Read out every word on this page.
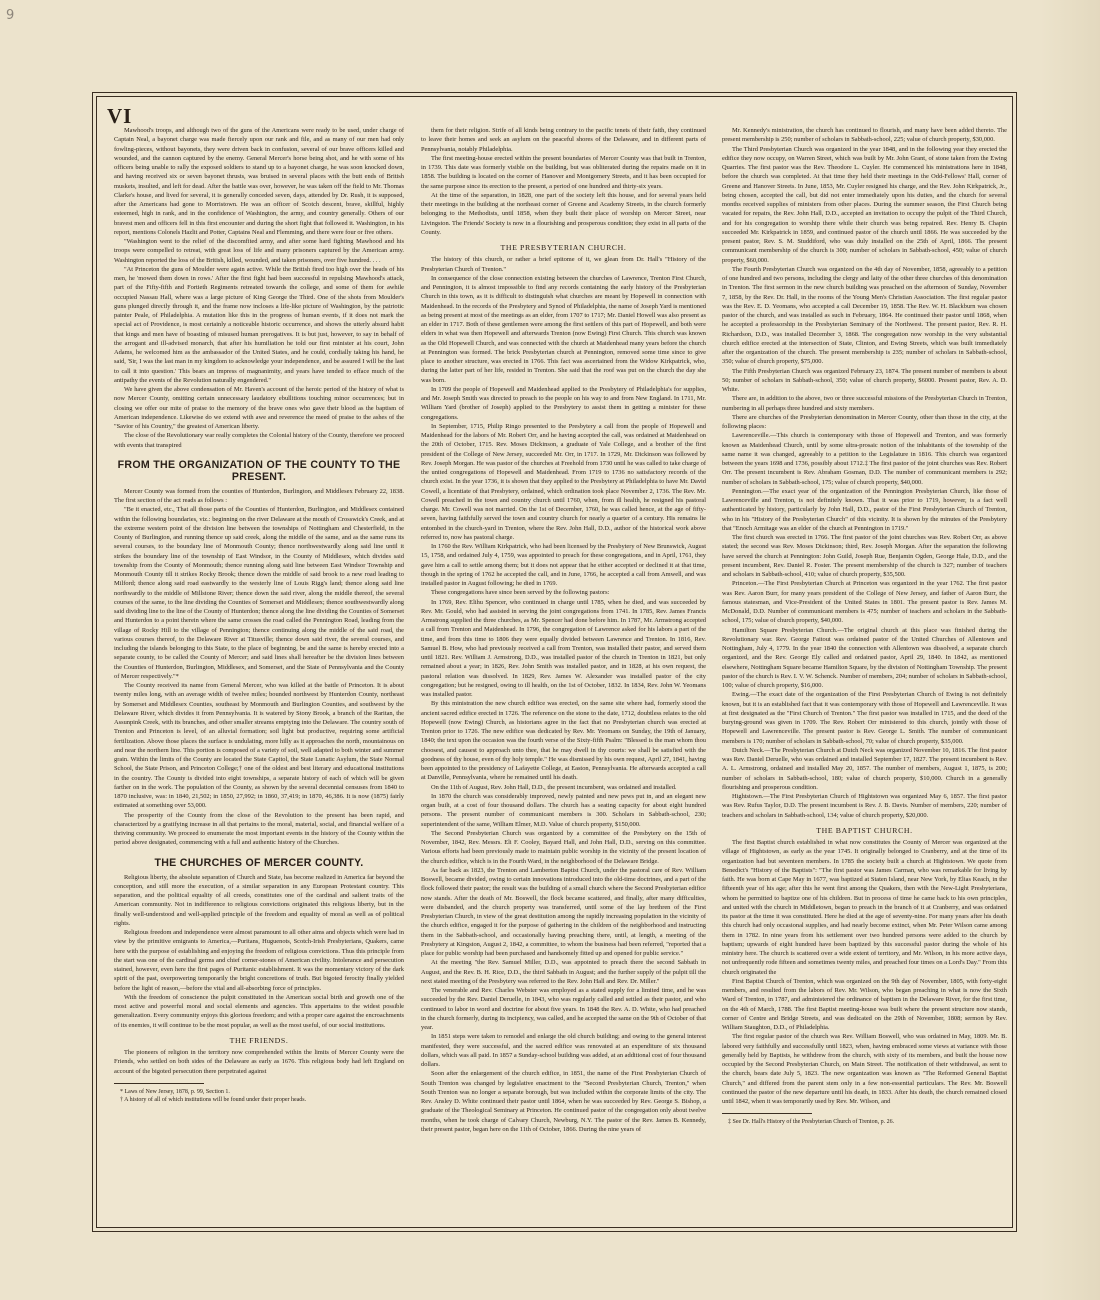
9
VI

Mawhood's troops, and although two of the guns of the Americans were ready to be used, under charge of Captain Neal, a bayonet charge was made fiercely upon our rank and file, and as many of our men had only fowling-pieces, without bayonets, they were driven back in confusion, several of our brave officers killed and wounded, and the cannon captured by the enemy. General Mercer's horse being shot, and he with some of his officers being unable to rally the exposed soldiers to stand up to a bayonet charge, he was soon knocked down, and having received six or seven bayonet thrusts, was bruised in several places with the butt ends of British muskets, insulted, and left for dead. After the battle was over, however, he was taken off the field to Mr. Thomas Clarke's house, and lived for several, it is generally conceded seven, days, attended by Dr. Rush, it is supposed, after the Americans had gone to Morristown. He was an officer of Scotch descent, brave, skillful, highly esteemed, high in rank, and in the confidence of Washington, the army, and country generally. Others of our bravest men and officers fell in this first encounter and during the short fight that followed it. Washington, in his report, mentions Colonels Hazlit and Potter, Captains Neal and Flemming, and there were four or five others.

"Washington went to the relief of the discomfited army, and after some hard fighting Mawhood and his troops were compelled to retreat, with great loss of life and many prisoners captured by the American army. Washington reported the loss of the British, killed, wounded, and taken prisoners, over five hundred. . . .

"At Princeton the guns of Moulder were again active. While the British fired too high over the heads of his men, he 'mowed them down in rows.' After the first fight had been successful in repulsing Mawhood's attack, part of the Fifty-fifth and Fortieth Regiments retreated towards the college, and some of them for awhile occupied Nassau Hall, where was a large picture of King George the Third. One of the shots from Moulder's guns plunged directly through it, and the frame now incloses a life-like picture of Washington, by the patriotic painter Peale, of Philadelphia. A mutation like this in the progress of human events, if it does not mark the special act of Providence, is most certainly a noticeable historic occurrence, and shows the utterly absurd habit that kings and men have of boasting of misused human prerogatives. It is but just, however, to say in behalf of the arrogant and ill-advised monarch, that after his humiliation he told our first minister at his court, John Adams, he welcomed him as the ambassador of the United States, and he could, cordially taking his hand, he said, 'Sir, I was the last man in my kingdom to acknowledge your independence, and be assured I will be the last to call it into question.' This bears an impress of magnanimity, and years have tended to efface much of the antipathy the events of the Revolution naturally engendered."

We have given the above condensation of Mr. Haven's account of the heroic period of the history of what is now Mercer County, omitting certain unnecessary laudatory ebullitions touching minor occurrences; but in closing we offer our mite of praise to the memory of the brave ones who gave their blood as the baptism of American independence. Likewise do we extend with awe and reverence the meed of praise to the ashes of the "Savior of his Country," the greatest of American liberty.

The close of the Revolutionary war really completes the Colonial history of the County, therefore we proceed with events that transpired

FROM THE ORGANIZATION OF THE COUNTY TO THE PRESENT.

Mercer County was formed from the counties of Hunterdon, Burlington, and Middlesex February 22, 1838. The first section of the act reads as follows :

"Be it enacted, etc., That all those parts of the Counties of Hunterdon, Burlington, and Middlesex contained within the following boundaries, viz.: beginning on the river Delaware at the mouth of Crosswick's Creek, and at the extreme western point of the division line between the townships of Nottingham and Chesterfield, in the County of Burlington, and running thence up said creek, along the middle of the same, and as the same runs its several courses, to the boundary line of Monmouth County; thence northwestwardly along said line until it strikes the boundary line of the township of East Windsor, in the County of Middlesex, which divides said township from the County of Monmouth; thence running along said line between East Windsor Township and Monmouth County till it strikes Rocky Brook; thence down the middle of said brook to a new road leading to Milford; thence along said road eastwardly to the westerly line of Louis Rigg's land; thence along said line northwardly to the middle of Millstone River; thence down the said river, along the middle thereof, the several courses of the same, to the line dividing the Counties of Somerset and Middlesex; thence southwestwardly along said dividing line to the line of the County of Hunterdon; thence along the line dividing the Counties of Somerset and Hunterdon to a point therein where the same crosses the road called the Pennington Road, leading from the village of Rocky Hill to the village of Pennington; thence continuing along the middle of the said road, the various courses thereof, to the Delaware River at Titusville; thence down said river, the several courses, and including the islands belonging to this State, to the place of beginning, be and the same is hereby erected into a separate county, to be called the County of Mercer; and said lines shall hereafter be the division lines between the Counties of Hunterdon, Burlington, Middlesex, and Somerset, and the State of Pennsylvania and the County of Mercer respectively."*

The County received its name from General Mercer, who was killed at the battle of Princeton. It is about twenty miles long, with an average width of twelve miles; bounded northwest by Hunterdon County, northeast by Somerset and Middlesex Counties, southeast by Monmouth and Burlington Counties, and southwest by the Delaware River, which divides it from Pennsylvania. It is watered by Stony Brook, a branch of the Raritan, the Assunpink Creek, with its branches, and other smaller streams emptying into the Delaware. The country south of Trenton and Princeton is level, of an alluvial formation; soil light but productive, requiring some artificial fertilization. Above those places the surface is undulating, more hilly as it approaches the north, mountainous on and near the northern line. This portion is composed of a variety of soil, well adapted to both winter and summer grain. Within the limits of the County are located the State Capitol, the State Lunatic Asylum, the State Normal School, the State Prison, and Princeton College;† one of the oldest and best literary and educational institutions in the country. The County is divided into eight townships, a separate history of each of which will be given farther on in the work. The population of the County, as shown by the several decennial censuses from 1840 to 1870 inclusive, was: in 1840, 21,502; in 1850, 27,992; in 1860, 37,419; in 1870, 46,386. It is now (1875) fairly estimated at something over 53,000.

The prosperity of the County from the close of the Revolution to the present has been rapid, and characterized by a gratifying increase in all that pertains to the moral, material, social, and financial welfare of a thriving community. We proceed to enumerate the most important events in the history of the County within the period above designated, commencing with a full and authentic history of the Churches.

THE CHURCHES OF MERCER COUNTY.

Religious liberty, the absolute separation of Church and State, has become realized in America far beyond the conception, and still more the execution, of a similar separation in any European Protestant country. This separation, and the political equality of all creeds, constitutes one of the cardinal and salient traits of the American community. Not in indifference to religious convictions originated this religious liberty, but in the finally well-understood and well-applied principle of the freedom and equality of moral as well as of political rights.

Religious freedom and independence were almost paramount to all other aims and objects which were had in view by the primitive emigrants to America,—Puritans, Huguenots, Scotch-Irish Presbyterians, Quakers, came here with the purpose of establishing and enjoying the freedom of religious convictions. Thus this principle from the start was one of the cardinal germs and chief corner-stones of American civility. Intolerance and persecution stained, however, even here the first pages of Puritanic establishment. It was the momentary victory of the dark spirit of the past, overpowering temporarily the bright concretions of truth. But bigoted ferocity finally yielded before the light of reason,—before the vital and all-absorbing force of principles.

With the freedom of conscience the pulpit constituted in the American social birth and growth one of the most active and powerful moral and social elements and agencies. This appertains to the widest possible generalization. Every community enjoys this glorious freedom; and with a proper care against the encroachments of its enemies, it will continue to be the most popular, as well as the most useful, of our social institutions.

THE FRIENDS.

The pioneers of religion in the territory now comprehended within the limits of Mercer County were the Friends, who settled on both sides of the Delaware as early as 1676. This religious body had left England on account of the bigoted persecution there perpetrated against

* Laws of New Jersey, 1878, p. 99, Section 1.

† A history of all of which institutions will be found under their proper heads.

them for their religion. Strife of all kinds being contrary to the pacific tenets of their faith, they continued to leave their homes and seek an asylum on the peaceful shores of the Delaware, and in different parts of Pennsylvania, notably Philadelphia.

The first meeting-house erected within the present boundaries of Mercer County was that built in Trenton, in 1739. This date was formerly visible on the building, but was obliterated during the repairs made on it in 1858. The building is located on the corner of Hanover and Montgomery Streets, and it has been occupied for the same purpose since its erection to the present, a period of one hundred and thirty-six years.

At the time of the separation, in 1828, one part of the society left this house, and for several years held their meetings in the building at the northeast corner of Greene and Academy Streets, in the church formerly belonging to the Methodists, until 1858, when they built their place of worship on Mercer Street, near Livingston. The Friends' Society is now in a flourishing and prosperous condition; they exist in all parts of the County.

THE PRESBYTERIAN CHURCH.

The history of this church, or rather a brief epitome of it, we glean from Dr. Hall's "History of the Presbyterian Church of Trenton."

In consequence of the close connection existing between the churches of Lawrence, Trenton First Church, and Pennington, it is almost impossible to find any records containing the early history of the Presbyterian Church in this town, as it is difficult to distinguish what churches are meant by Hopewell in connection with Maidenhead. In the records of the Presbytery and Synod of Philadelphia, the name of Joseph Yard is mentioned as being present at most of the meetings as an elder, from 1707 to 1717; Mr. Daniel Howell was also present as an elder in 1717. Both of these gentlemen were among the first settlers of this part of Hopewell, and both were elders in what was then Hopewell and afterwards Trenton (now Ewing) First Church. This church was known as the Old Hopewell Church, and was connected with the church at Maidenhead many years before the church at Pennington was formed. The brick Presbyterian church at Pennington, removed some time since to give place to another structure, was erected in 1766. This fact was ascertained from the Widow Kirkpatrick, who, during the latter part of her life, resided in Trenton. She said that the roof was put on the church the day she was born.

In 1709 the people of Hopewell and Maidenhead applied to the Presbytery of Philadelphia's for supplies, and Mr. Joseph Smith was directed to preach to the people on his way to and from New England. In 1711, Mr. William Yard (brother of Joseph) applied to the Presbytery to assist them in getting a minister for these congregations.

In September, 1715, Philip Ringo presented to the Presbytery a call from the people of Hopewell and Maidenhead for the labors of Mr. Robert Orr, and he having accepted the call, was ordained at Maidenhead on the 20th of October, 1715. Rev. Moses Dickinson, a graduate of Yale College, and a brother of the first president of the College of New Jersey, succeeded Mr. Orr, in 1717. In 1729, Mr. Dickinson was followed by Rev. Joseph Morgan. He was pastor of the churches at Freehold from 1730 until he was called to take charge of the united congregations of Hopewell and Maidenhead. From 1719 to 1736 no satisfactory records of the church exist. In the year 1736, it is shown that they applied to the Presbytery at Philadelphia to have Mr. David Cowell, a licentiate of that Presbytery, ordained, which ordination took place November 2, 1736. The Rev. Mr. Cowell preached in the town and country church until 1760, when, from ill health, he resigned his pastoral charge. Mr. Cowell was not married. On the 1st of December, 1760, he was called hence, at the age of fifty-seven, having faithfully served the town and country church for nearly a quarter of a century. His remains lie entombed in the church-yard in Trenton, where the Rev. John Hall, D.D., author of the historical work above referred to, now has pastoral charge.

In 1760 the Rev. William Kirkpatrick, who had been licensed by the Presbytery of New Brunswick, August 15, 1758, and ordained July 4, 1759, was appointed to preach for these congregations, and in April, 1761, they gave him a call to settle among them; but it does not appear that he either accepted or declined it at that time, though in the spring of 1762 he accepted the call, and in June, 1766, he accepted a call from Amwell, and was installed pastor in August following; he died in 1769.

These congregations have since been served by the following pastors:

In 1769, Rev. Elihu Spencer, who continued in charge until 1785, when he died, and was succeeded by Rev. Mr. Gould, who had assisted in serving the joint congregations from 1741. In 1785, Rev. James Francis Armstrong supplied the three churches, as Mr. Spencer had done before him. In 1787, Mr. Armstrong accepted a call from Trenton and Maidenhead. In 1796, the congregation of Lawrence asked for his labors a part of the time, and from this time to 1806 they were equally divided between Lawrence and Trenton. In 1816, Rev. Samuel B. How, who had previously received a call from Trenton, was installed their pastor, and served them until 1821. Rev. William J. Armstrong, D.D., was installed pastor of the church in Trenton in 1821, but only remained about a year; in 1826, Rev. John Smith was installed pastor, and in 1828, at his own request, the pastoral relation was dissolved. In 1829, Rev. James W. Alexander was installed pastor of the city congregation; but he resigned, owing to ill health, on the 1st of October, 1832. In 1834, Rev. John W. Yeomans was installed pastor.

By this ministration the new church edifice was erected, on the same site where had, formerly stood the ancient sacred edifice erected in 1726. The reference on the stone to the date, 1712, doubtless relates to the old Hopewell (now Ewing) Church, as historians agree in the fact that no Presbyterian church was erected at Trenton prior to 1726. The new edifice was dedicated by Rev. Mr. Yeomans on Sunday, the 19th of January, 1840; the text upon the occasion was the fourth verse of the Sixty-fifth Psalm: "Blessed is the man whom thou choosest, and causest to approach unto thee, that he may dwell in thy courts: we shall be satisfied with the goodness of thy house, even of thy holy temple." He was dismissed by his own request, April 27, 1841, having been appointed to the presidency of Lafayette College, at Easton, Pennsylvania. He afterwards accepted a call at Danville, Pennsylvania, where he remained until his death.

On the 11th of August, Rev. John Hall, D.D., the present incumbent, was ordained and installed.

In 1870 the church was considerably improved, newly painted and new pews put in, and an elegant new organ built, at a cost of four thousand dollars. The church has a seating capacity for about eight hundred persons. The present number of communicant members is 300. Scholars in Sabbath-school, 230; superintendent of the same, William Elmer, M.D. Value of church property, $150,000.

The Second Presbyterian Church was organized by a committee of the Presbytery on the 15th of November, 1842, Rev. Messrs. Eli F. Cooley, Bayard Hall, and John Hall, D.D., serving on this committee. Various efforts had been previously made to maintain public worship in the vicinity of the present location of the church edifice, which is in the Fourth Ward, in the neighborhood of the Delaware Bridge.

As far back as 1823, the Trenton and Lamberton Baptist Church, under the pastoral care of Rev. William Boswell, became divided, owing to certain innovations introduced into the old-time doctrines, and a part of the flock followed their pastor; the result was the building of a small church where the Second Presbyterian edifice now stands. After the death of Mr. Boswell, the flock became scattered, and finally, after many difficulties, were disbanded, and the church property was transferred, until some of the lay brethren of the First Presbyterian Church, in view of the great destitution among the rapidly increasing population in the vicinity of the church edifice, engaged it for the purpose of gathering in the children of the neighborhood and instructing them in the Sabbath-school, and occasionally having preaching there, until, at length, a meeting of the Presbytery at Kingston, August 2, 1842, a committee, to whom the business had been referred, "reported that a place for public worship had been purchased and handsomely fitted up and opened for public service."

At the meeting "the Rev. Samuel Miller, D.D., was appointed to preach there the second Sabbath in August, and the Rev. B. H. Rice, D.D., the third Sabbath in August; and the further supply of the pulpit till the next stated meeting of the Presbytery was referred to the Rev. John Hall and Rev. Dr. Miller."

The venerable and Rev. Charles Webster was employed as a stated supply for a limited time, and he was succeeded by the Rev. Daniel Deruelle, in 1843, who was regularly called and settled as their pastor, and who continued to labor in word and doctrine for about five years. In 1848 the Rev. A. D. White, who had preached in the church formerly, during its incipiency, was called, and he accepted the same on the 9th of October of that year.

In 1851 steps were taken to remodel and enlarge the old church building; and owing to the general interest manifested, they were successful, and the sacred edifice was renovated at an expenditure of six thousand dollars, which was all paid. In 1857 a Sunday-school building was added, at an additional cost of four thousand dollars.

Soon after the enlargement of the church edifice, in 1851, the name of the First Presbyterian Church of South Trenton was changed by legislative enactment to the "Second Presbyterian Church, Trenton," when South Trenton was no longer a separate borough, but was included within the corporate limits of the city. The Rev. Ansley D. White continued their pastor until 1864, when he was succeeded by Rev. George S. Bishop, a graduate of the Theological Seminary at Princeton. He continued pastor of the congregation only about twelve months, when he took charge of Calvary Church, Newburg, N.Y. The pastor of the Rev. James B. Kennedy, their present pastor, began here on the 11th of October, 1866. During the nine years of

Mr. Kennedy's ministration, the church has continued to flourish, and many have been added thereto. The present membership is 250; number of scholars in Sabbath-school, 225; value of church property, $30,000.

The Third Presbyterian Church was organized in the year 1848, and in the following year they erected the edifice they now occupy, on Warren Street, which was built by Mr. John Grant, of stone taken from the Ewing Quarries. The first pastor was the Rev. Theodore L. Cuyler. He commenced his ministrations here in 1848, before the church was completed. At that time they held their meetings in the Odd-Fellows' Hall, corner of Greene and Hanover Streets. In June, 1853, Mr. Cuyler resigned his charge, and the Rev. John Kirkpatrick, Jr., being chosen, accepted the call, but did not enter immediately upon his duties, and the church for several months received supplies of ministers from other places. During the summer season, the First Church being vacated for repairs, the Rev. John Hall, D.D., accepted an invitation to occupy the pulpit of the Third Church, and for his congregation to worship there while their church was being repaired. Rev. Henry B. Chapin succeeded Mr. Kirkpatrick in 1859, and continued pastor of the church until 1866. He was succeeded by the present pastor, Rev. S. M. Studdiford, who was duly installed on the 25th of April, 1866. The present communicant membership of the church is 300; number of scholars in Sabbath-school, 450; value of church property, $60,000.

The Fourth Presbyterian Church was organized on the 4th day of November, 1858, agreeably to a petition of one hundred and two persons, including the clergy and laity of the other three churches of this denomination in Trenton. The first sermon in the new church building was preached on the afternoon of Sunday, November 7, 1858, by the Rev. Dr. Hall, in the rooms of the Young Men's Christian Association. The first regular pastor was the Rev. E. D. Yeomans, who accepted a call December 19, 1858. The Rev. W. H. Blackburn was chosen pastor of the church, and was installed as such in February, 1864. He continued their pastor until 1868, when he accepted a professorship in the Presbyterian Seminary of the Northwest. The present pastor, Rev. R. H. Richardson, D.D., was installed December 3, 1868. The congregation now worship in the very substantial church edifice erected at the intersection of State, Clinton, and Ewing Streets, which was built immediately after the organization of the church. The present membership is 235; number of scholars in Sabbath-school, 350; value of church property, $75,000.

The Fifth Presbyterian Church was organized February 23, 1874. The present number of members is about 50; number of scholars in Sabbath-school, 350; value of church property, $6000. Present pastor, Rev. A. D. White.

There are, in addition to the above, two or three successful missions of the Presbyterian Church in Trenton, numbering in all perhaps three hundred and sixty members.

There are churches of the Presbyterian denomination in Mercer County, other than those in the city, at the following places:

Lawrenceville.—This church is contemporary with those of Hopewell and Trenton, and was formerly known as Maidenhead Church, until by some ultra-prosaic notion of the inhabitants of the township of the same name it was changed, agreeably to a petition to the Legislature in 1816. This church was organized between the years 1698 and 1736, possibly about 1712.‡ The first pastor of the joint churches was Rev. Robert Orr. The present incumbent is Rev. Abraham Gosman, D.D. The number of communicant members is 292; number of scholars in Sabbath-school, 175; value of church property, $40,000.

Pennington.—The exact year of the organization of the Pennington Presbyterian Church, like those of Lawrenceville and Trenton, is not definitely known. That it was prior to 1719, however, is a fact well authenticated by history, particularly by John Hall, D.D., pastor of the First Presbyterian Church of Trenton, who in his "History of the Presbyterian Church" of this vicinity. It is shown by the minutes of the Presbytery that "Enoch Armitage was an elder of the church at Pennington in 1719."

The first church was erected in 1766. The first pastor of the joint churches was Rev. Robert Orr, as above stated; the second was Rev. Moses Dickinson; third, Rev. Joseph Morgan. After the separation the following have served the church at Pennington: John Guild, Joseph Rue, Benjamin Ogden, George Hale, D.D., and the present incumbent, Rev. Daniel R. Foster. The present membership of the church is 327; number of teachers and scholars in Sabbath-school, 410; value of church property, $35,500.

Princeton.—The First Presbyterian Church at Princeton was organized in the year 1762. The first pastor was Rev. Aaron Burr, for many years president of the College of New Jersey, and father of Aaron Burr, the famous statesman, and Vice-President of the United States in 1801. The present pastor is Rev. James M. McDonald, D.D. Number of communicant members is 475; number of teachers and scholars in the Sabbath-school, 175; value of church property, $40,000.

Hamilton Square Presbyterian Church.—The original church at this place was finished during the Revolutionary war. Rev. George Faitout was ordained pastor of the United Churches of Allentown and Nottingham, July 4, 1779. In the year 1840 the connection with Allentown was dissolved, a separate church organized, and the Rev. George Ely called and ordained pastor, April 29, 1840. In 1842, as mentioned elsewhere, Nottingham Square became Hamilton Square, by the division of Nottingham Township. The present pastor of the church is Rev. I. V. W. Schenck. Number of members, 204; number of scholars in Sabbath-school, 100; value of church property, $16,000.

Ewing.—The exact date of the organization of the First Presbyterian Church of Ewing is not definitely known, but it is an established fact that it was contemporary with those of Hopewell and Lawrenceville. It was at first designated as the "First Church of Trenton." The first pastor was installed in 1715, and the deed of the burying-ground was given in 1709. The Rev. Robert Orr ministered to this church, jointly with those of Hopewell and Lawrenceville. The present pastor is Rev. George L. Smith. The number of communicant members is 170; number of scholars in Sabbath-school, 70; value of church property, $35,000.

Dutch Neck.—The Presbyterian Church at Dutch Neck was organized November 10, 1816. The first pastor was Rev. Daniel Deruelle, who was ordained and installed September 17, 1827. The present incumbent is Rev. A. L. Armstrong, ordained and installed May 20, 1857. The number of members, August 1, 1875, is 200; number of scholars in Sabbath-school, 180; value of church property, $10,000. Church in a generally flourishing and prosperous condition.

Hightstown.—The First Presbyterian Church of Hightstown was organized May 6, 1857. The first pastor was Rev. Rufus Taylor, D.D. The present incumbent is Rev. J. B. Davis. Number of members, 220; number of teachers and scholars in Sabbath-school, 134; value of church property, $20,000.

THE BAPTIST CHURCH.

The first Baptist church established in what now constitutes the County of Mercer was organized at the village of Hightstown, as early as the year 1745. It originally belonged to Cranberry, and at the time of its organization had but seventeen members. In 1785 the society built a church at Hightstown. We quote from Benedict's "History of the Baptists": "The first pastor was James Carman, who was remarkable for living by faith. He was born at Cape May in 1677, was baptized at Staten Island, near New York, by Elias Keach, in the fifteenth year of his age; after this he went first among the Quakers, then with the New-Light Presbyterians, whom he permitted to baptize one of his children. But in process of time he came back to his own principles, and united with the church in Middletown, began to preach in the branch of it at Cranberry, and was ordained its pastor at the time it was constituted. Here he died at the age of seventy-nine. For many years after his death this church had only occasional supplies, and had nearly become extinct, when Mr. Peter Wilson came among them in 1782. In nine years from his settlement over two hundred persons were added to the church by baptism; upwards of eight hundred have been baptized by this successful pastor during the whole of his ministry here. The church is scattered over a wide extent of territory, and Mr. Wilson, in his more active days, not unfrequently rode fifteen and sometimes twenty miles, and preached four times on a Lord's Day." From this church originated the

First Baptist Church of Trenton, which was organized on the 9th day of November, 1805, with forty-eight members, and resulted from the labors of Rev. Mr. Wilson, who began preaching in what is now the Sixth Ward of Trenton, in 1787, and administered the ordinance of baptism in the Delaware River, for the first time, on the 4th of March, 1788. The first Baptist meeting-house was built where the present structure now stands, corner of Centre and Bridge Streets, and was dedicated on the 29th of November, 1808; sermon by Rev. William Staughton, D.D., of Philadelphia.

The first regular pastor of the church was Rev. William Boswell, who was ordained in May, 1809. Mr. B. labored very faithfully and successfully until 1823, when, having embraced some views at variance with those generally held by Baptists, he withdrew from the church, with sixty of its members, and built the house now occupied by the Second Presbyterian Church, on Main Street. The notification of their withdrawal, as sent to the church, bears date July 5, 1823. The new organization was known as "The Reformed General Baptist Church," and differed from the parent stem only in a few non-essential particulars. The Rev. Mr. Boswell continued the pastor of the new departure until his death, in 1833. After his death, the church remained closed until 1842, when it was temporarily used by Rev. Mr. Wilson, and

‡ See Dr. Hall's History of the Presbyterian Church of Trenton, p. 26.
